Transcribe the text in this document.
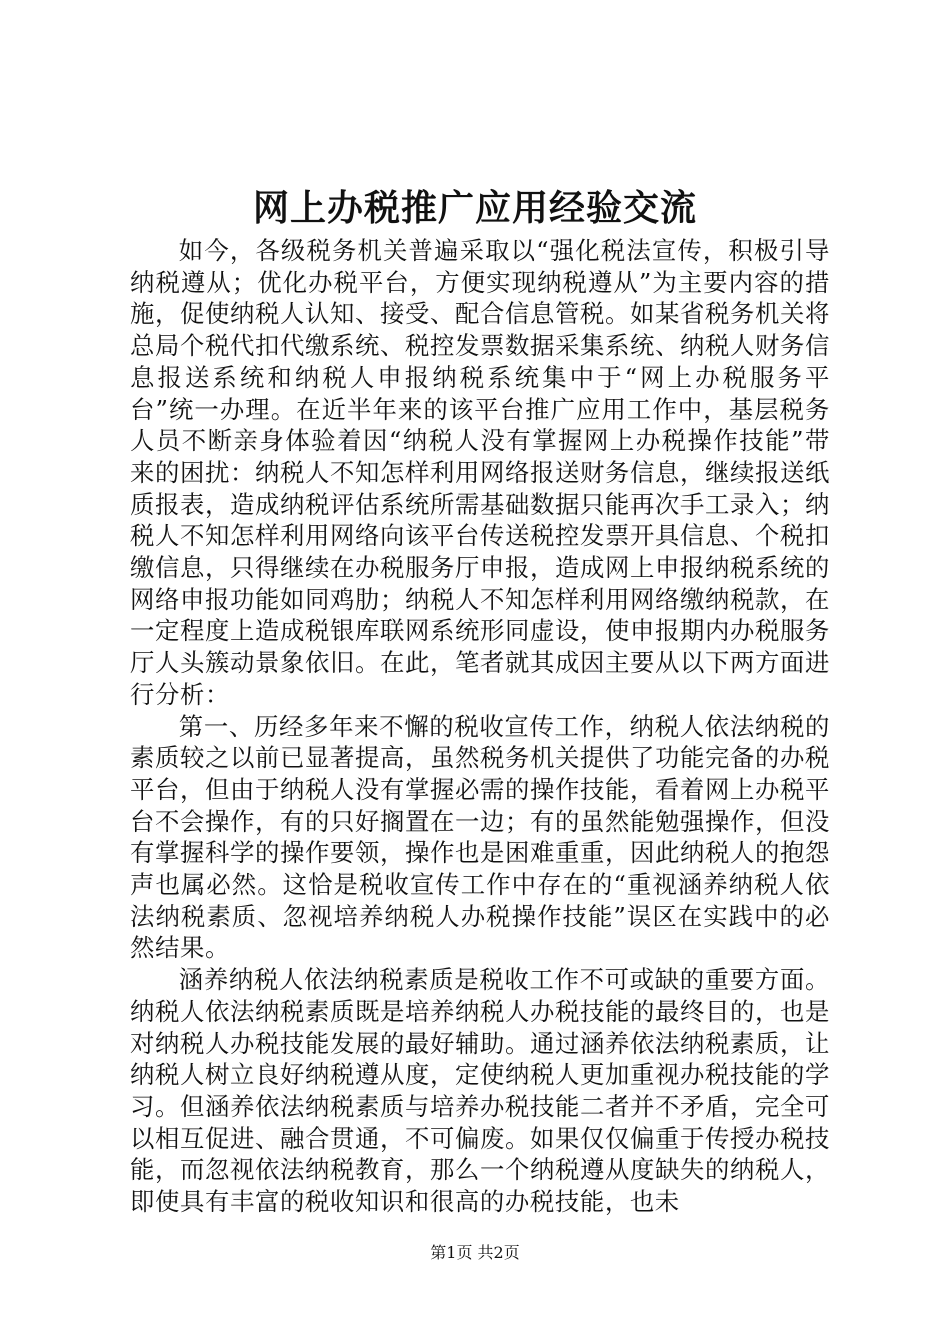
网上办税推广应用经验交流

如今，各级税务机关普遍采取以“强化税法宣传，积极引导纳税遵从；优化办税平台，方便实现纳税遵从”为主要内容的措施，促使纳税人认知、接受、配合信息管税。如某省税务机关将总局个税代扣代缴系统、税控发票数据采集系统、纳税人财务信息报送系统和纳税人申报纳税系统集中于“网上办税服务平台”统一办理。在近半年来的该平台推广应用工作中，基层税务人员不断亲身体验着因“纳税人没有掌握网上办税操作技能”带来的困扰：纳税人不知怎样利用网络报送财务信息，继续报送纸质报表，造成纳税评估系统所需基础数据只能再次手工录入；纳税人不知怎样利用网络向该平台传送税控发票开具信息、个税扣缴信息，只得继续在办税服务厅申报，造成网上申报纳税系统的网络申报功能如同鸡肋；纳税人不知怎样利用网络缴纳税款，在一定程度上造成税银库联网系统形同虚设，使申报期内办税服务厅人头簇动景象依旧。在此，笔者就其成因主要从以下两方面进行分析：

第一、历经多年来不懈的税收宣传工作，纳税人依法纳税的素质较之以前已显著提高，虽然税务机关提供了功能完备的办税平台，但由于纳税人没有掌握必需的操作技能，看着网上办税平台不会操作，有的只好搁置在一边；有的虽然能勉强操作，但没有掌握科学的操作要领，操作也是困难重重，因此纳税人的抱怨声也属必然。这恰是税收宣传工作中存在的“重视涵养纳税人依法纳税素质、忽视培养纳税人办税操作技能”误区在实践中的必然结果。

涵养纳税人依法纳税素质是税收工作不可或缺的重要方面。纳税人依法纳税素质既是培养纳税人办税技能的最终目的，也是对纳税人办税技能发展的最好辅助。通过涵养依法纳税素质，让纳税人树立良好纳税遵从度，定使纳税人更加重视办税技能的学习。但涵养依法纳税素质与培养办税技能二者并不矛盾，完全可以相互促进、融合贯通，不可偏废。如果仅仅偏重于传授办税技能，而忽视依法纳税教育，那么一个纳税遵从度缺失的纳税人，即使具有丰富的税收知识和很高的办税技能，也未

第1页 共2页
